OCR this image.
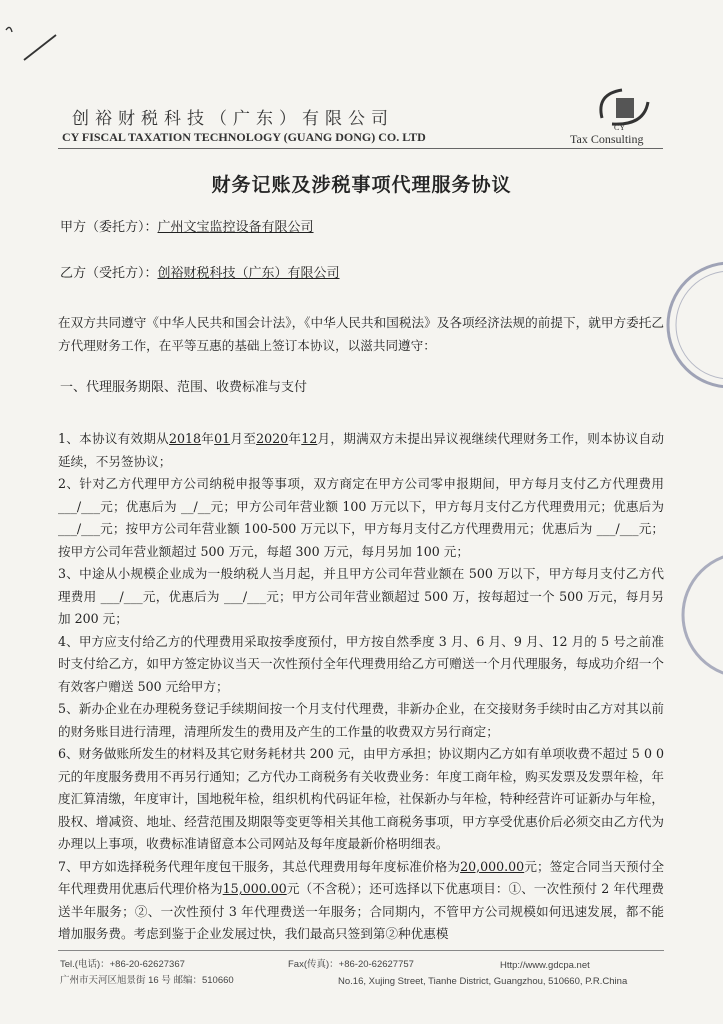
创裕财税科技（广东）有限公司
CY FISCAL TAXATION TECHNOLOGY (GUANG DONG) CO. LTD
CY
Tax Consulting
财务记账及涉税事项代理服务协议
甲方（委托方）：广州文宝监控设备有限公司
乙方（受托方）：创裕财税科技（广东）有限公司
在双方共同遵守《中华人民共和国会计法》，《中华人民共和国税法》及各项经济法规的前提下，就甲方委托乙方代理财务工作，在平等互惠的基础上签订本协议，以滋共同遵守：
一、代理服务期限、范围、收费标准与支付

1、本协议有效期从2018年01月至2020年12月，期满双方未提出异议视继续代理财务工作，则本协议自动延续，不另签协议；

2、针对乙方代理甲方公司纳税申报等事项，双方商定在甲方公司零申报期间，甲方每月支付乙方代理费用 ___/___元；优惠后为 __/__元；甲方公司年营业额 100 万元以下，甲方每月支付乙方代理费用元；优惠后为 ___/___元；按甲方公司年营业额 100-500 万元以下，甲方每月支付乙方代理费用元；优惠后为 ___/___元；按甲方公司年营业额超过 500 万元，每超 300 万元，每月另加 100 元；

3、中途从小规模企业成为一般纳税人当月起，并且甲方公司年营业额在 500 万以下，甲方每月支付乙方代理费用 ___/___元，优惠后为 ___/___元；甲方公司年营业额超过 500 万，按每超过一个 500 万元，每月另加 200 元；

4、甲方应支付给乙方的代理费用采取按季度预付，甲方按自然季度 3 月、6 月、9 月、12 月的 5 号之前准时支付给乙方，如甲方签定协议当天一次性预付全年代理费用给乙方可赠送一个月代理服务，每成功介绍一个有效客户赠送 500 元给甲方；

5、新办企业在办理税务登记手续期间按一个月支付代理费，非新办企业，在交接财务手续时由乙方对其以前的财务账目进行清理，清理所发生的费用及产生的工作量的收费双方另行商定；

6、财务做账所发生的材料及其它财务耗材共 200 元，由甲方承担；协议期内乙方如有单项收费不超过 5 0 0 元的年度服务费用不再另行通知；乙方代办工商税务有关收费业务：年度工商年检，购买发票及发票年检，年度汇算清缴，年度审计，国地税年检，组织机构代码证年检，社保新办与年检，特种经营许可证新办与年检，股权、增减资、地址、经营范围及期限等变更等相关其他工商税务事项，甲方享受优惠价后必须交由乙方代为办理以上事项，收费标准请留意本公司网站及每年度最新价格明细表。

7、甲方如选择税务代理年度包干服务，其总代理费用每年度标准价格为20,000.00元；签定合同当天预付全年代理费用优惠后代理价格为15,000.00元（不含税）；还可选择以下优惠项目：①、一次性预付 2 年代理费送半年服务；②、一次性预付 3 年代理费送一年服务；合同期内，不管甲方公司规模如何迅速发展，都不能增加服务费。考虑到鉴于企业发展过快，我们最高只签到第②种优惠模

Tel.(电话)：+86-20-62627367	Fax(传真)：+86-20-62627757	Http://www.gdcpa.net
广州市天河区旭景街 16 号 邮编：510660	No.16, Xujing Street, Tianhe District, Guangzhou, 510660, P.R.China
